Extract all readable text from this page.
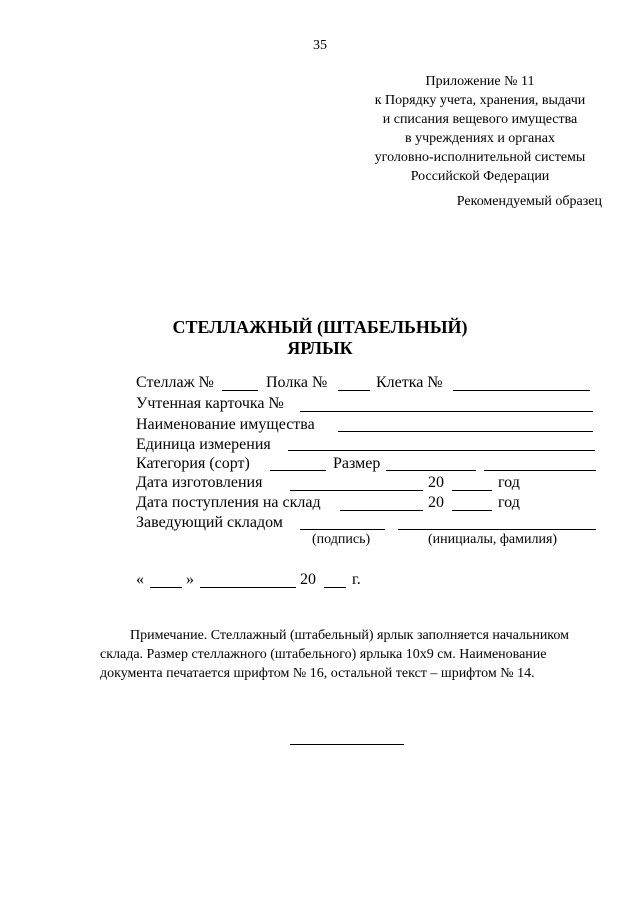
35
Приложение № 11
к Порядку учета, хранения, выдачи
и списания вещевого имущества
в учреждениях и органах
уголовно-исполнительной системы
Российской Федерации
Рекомендуемый образец
СТЕЛЛАЖНЫЙ (ШТАБЕЛЬНЫЙ)
ЯРЛЫК
Стеллаж №	Полка №	Клетка №
Учтенная карточка №
Наименование имущества
Единица измерения
Категория (сорт)	Размер
Дата изготовления	20	год
Дата поступления на склад	20	год
Заведующий складом
(подпись)	(инициалы, фамилия)
«	»	20 г.
Примечание. Стеллажный (штабельный) ярлык заполняется начальником
склада. Размер стеллажного (штабельного) ярлыка 10x9 см. Наименование
документа печатается шрифтом № 16, остальной текст – шрифтом № 14.
